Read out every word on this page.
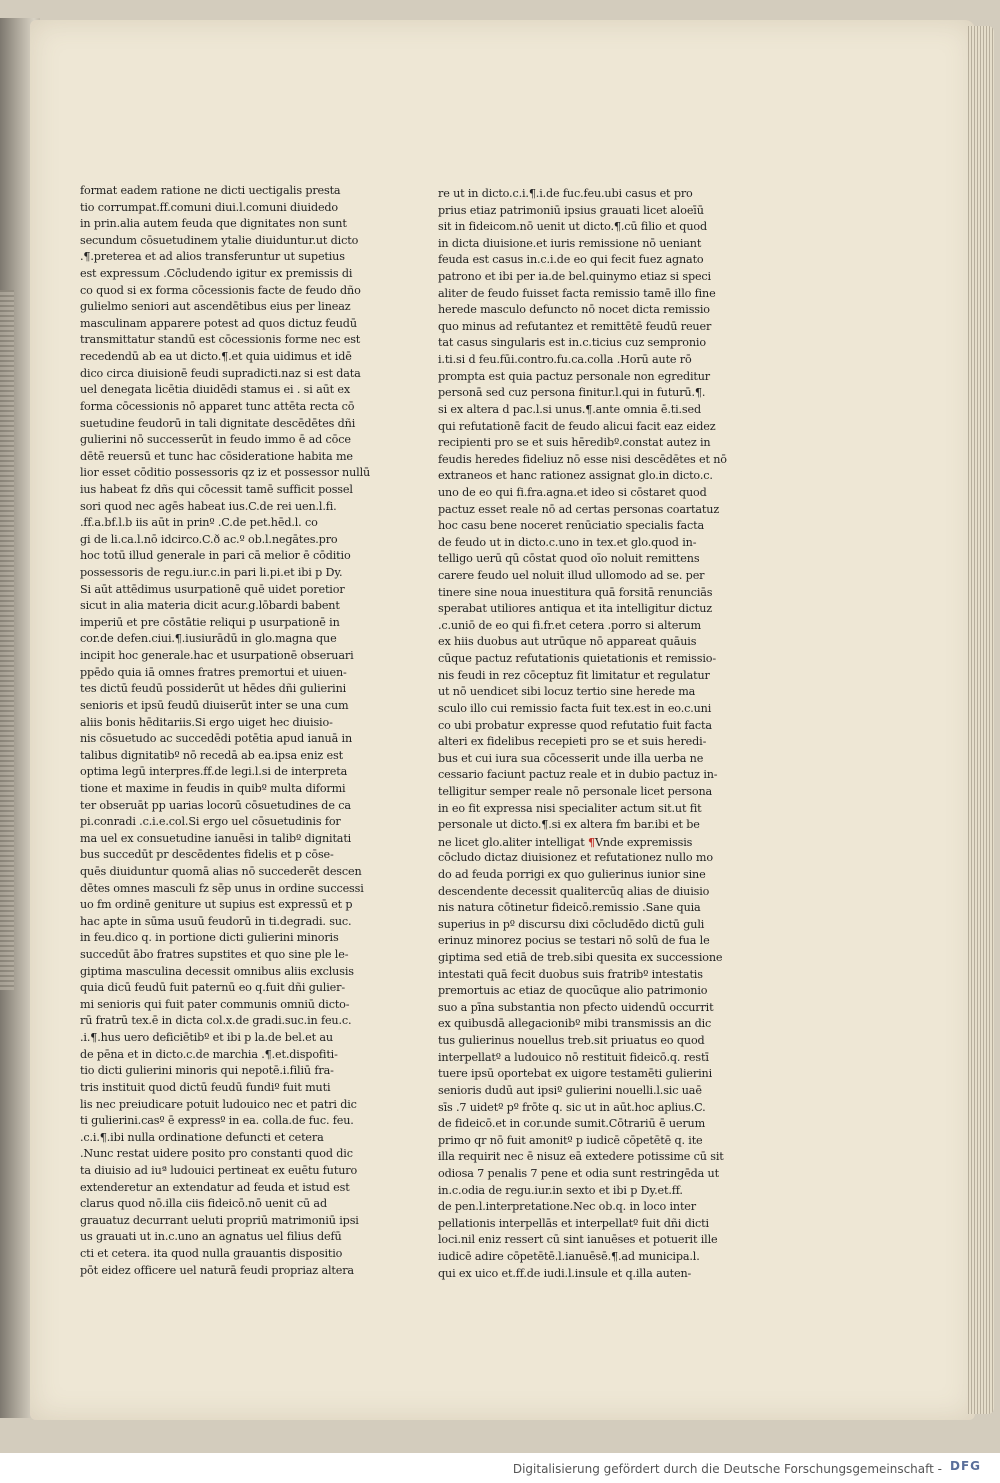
format eadem ratione ne dicti uectigalis presta
tio corrumpat.ff.comuni diui.l.comuni diuidedo
in prin.alia autem feuda que dignitates non sunt
secundum cōsuetudinem ytalie diuiduntur.ut dicto
.¶.preterea et ad alios transferuntur ut supetius
est expressum .Cōcludendo igitur ex premissis di
co quod si ex forma cōcessionis facte de feudo dño
gulielmo seniori aut ascendētibus eius per lineaz
masculinam apparere potest ad quos dictuz feudū
transmittatur standū est cōcessionis forme nec est
recedendū ab ea ut dicto.¶.et quia uidimus et idē
dico circa diuisionē feudi supradicti.naz si est data
uel denegata licētia diuidēdi stamus ei . si aūt ex
forma cōcessionis nō apparet tunc attēta recta cō
suetudine feudorū in tali dignitate descēdētes dñi
gulierini nō successerūt in feudo immo ē ad cōce
dētē reuersū et tunc hac cōsideratione habita me
lior esset cōditio possessoris qz iz et possessor nullū
ius habeat fz dñs qui cōcessit tamē sufficit possel
sori quod nec agēs habeat ius.C.de rei uen.l.fi.
.ff.a.bf.l.b iis aūt in prinº .C.de pet.hēd.l. co
gi de li.ca.l.nō idcirco.C.ð ac.º ob.l.negātes.pro
hoc totū illud generale in pari cā melior ē cōditio
possessoris de regu.iur.c.in pari li.pi.et ibi p Dy.
Si aūt attēdimus usurpationē quē uidet poretior
sicut in alia materia dicit acur.g.lōbardi babent
imperiū et pre cōstātie reliqui p usurpationē in
cor.de defen.ciui.¶.iusiurādū in glo.magna que
incipit hoc generale.hac et usurpationē obseruari
ppēdo quia iā omnes fratres premortui et uiuen-
tes dictū feudū possiderūt ut hēdes dñi gulierini
senioris et ipsū feudū diuiserūt inter se una cum
aliis bonis hēditariis.Si ergo uiget hec diuisio-
nis cōsuetudo ac succedēdi potētia apud ianuā in
talibus dignitatibº nō recedā ab ea.ipsa eniz est
optima legū interpres.ff.de legi.l.si de interpreta
tione et maxime in feudis in quibº multa diformi
ter obseruāt pp uarias locorū cōsuetudines de ca
pi.conradi .c.i.e.col.Si ergo uel cōsuetudinis for
ma uel ex consuetudine ianuēsi in talibº dignitati
bus succedūt pr descēdentes fidelis et p cōse-
quēs diuiduntur quomā alias nō succederēt descen
dētes omnes masculi fz sēp unus in ordine successi
uo fm ordinē geniture ut supius est expressū et p
hac apte in sūma usuū feudorū in ti.degradi. suc.
in feu.dico q. in portione dicti gulierini minoris
succedūt ābo fratres supstites et quo sine ple le-
giptima masculina decessit omnibus aliis exclusis
quia dicū feudū fuit paternū eo q.fuit dñi gulier-
mi senioris qui fuit pater communis omniū dicto-
rū fratrū tex.ē in dicta col.x.de gradi.suc.in feu.c.
.i.¶.hus uero deficiētibº et ibi p la.de bel.et au
de pēna et in dicto.c.de marchia .¶.et.dispofiti-
tio dicti gulierini minoris qui nepotē.i.filiū fra-
tris instituit quod dictū feudū fundiº fuit muti
lis nec preiudicare potuit ludouico nec et patri dic
ti gulierini.casº ē expressº in ea. colla.de fuc. feu.
.c.i.¶.ibi nulla ordinatione defuncti et cetera
.Nunc restat uidere posito pro constanti quod dic
ta diuisio ad iuª ludouici pertineat ex euētu futuro
extenderetur an extendatur ad feuda et istud est
clarus quod nō.illa ciis fideicō.nō uenit cū ad
grauatuz decurrant ueluti propriū matrimoniū ipsi
us grauati ut in.c.uno an agnatus uel filius defū
cti et cetera. ita quod nulla grauantis dispositio
pōt eidez officere uel naturā feudi propriaz altera
re ut in dicto.c.i.¶.i.de fuc.feu.ubi casus et pro
prius etiaz patrimoniū ipsius grauati licet aloeīū
sit in fideicom.nō uenit ut dicto.¶.cū filio et quod
in dicta diuisione.et iuris remissione nō ueniant
feuda est casus in.c.i.de eo qui fecit fuez agnato
patrono et ibi per ia.de bel.quinymo etiaz si speci
aliter de feudo fuisset facta remissio tamē illo fine
herede masculo defuncto nō nocet dicta remissio
quo minus ad refutantez et remittētē feudū reuer
tat casus singularis est in.c.ticius cuz sempronio
i.ti.si d feu.fūi.contro.fu.ca.colla .Horū aute rō
prompta est quia pactuz personale non egreditur
personā sed cuz persona finitur.l.qui in futurū.¶.
si ex altera d pac.l.si unus.¶.ante omnia ē.ti.sed
qui refutationē facit de feudo alicui facit eaz eidez
recipienti pro se et suis hēredibº.constat autez in
feudis heredes fideliuz nō esse nisi descēdētes et nō
extraneos et hanc rationez assignat glo.in dicto.c.
uno de eo qui fi.fra.agna.et ideo si cōstaret quod
pactuz esset reale nō ad certas personas coartatuz
hoc casu bene noceret renūciatio specialis facta
de feudo ut in dicto.c.uno in tex.et glo.quod in-
telligo uerū qū cōstat quod oīo noluit remittens
carere feudo uel noluit illud ullomodo ad se. per
tinere sine noua inuestitura quā forsitā renunciās
sperabat utiliores antiqua et ita intelligitur dictuz
.c.uniō de eo qui fi.fr.et cetera .porro si alterum
ex hiis duobus aut utrūque nō appareat quāuis
cūque pactuz refutationis quietationis et remissio-
nis feudi in rez cōceptuz fit limitatur et regulatur
ut nō uendicet sibi locuz tertio sine herede ma
sculo illo cui remissio facta fuit tex.est in eo.c.uni
co ubi probatur expresse quod refutatio fuit facta
alteri ex fidelibus recepieti pro se et suis heredi-
bus et cui iura sua cōcesserit unde illa uerba ne
cessario faciunt pactuz reale et in dubio pactuz in-
telligitur semper reale nō personale licet persona
in eo fit expressa nisi specialiter actum sit.ut fit
personale ut dicto.¶.si ex altera fm bar.ibi et be
ne licet glo.aliter intelligat ¶Vnde expremissis
cōcludo dictaz diuisionez et refutationez nullo mo
do ad feuda porrigi ex quo gulierinus iunior sine
descendente decessit qualitercūq alias de diuisio
nis natura cōtinetur fideicō.remissio .Sane quia
superius in pº discursu dixi cōcludēdo dictū guli
erinuz minorez pocius se testari nō solū de fua le
giptima sed etiā de treb.sibi quesita ex successione
intestati quā fecit duobus suis fratribº intestatis
premortuis ac etiaz de quocūque alio patrimonio
suo a pīna substantia non pfecto uidendū occurrit
ex quibusdā allegacionibº mibi transmissis an dic
tus gulierinus nouellus treb.sit priuatus eo quod
interpellatº a ludouico nō restituit fideicō.q. restī
tuere ipsū oportebat ex uigore testamēti gulierini
senioris dudū aut ipsiº gulierini nouelli.l.sic uaē
sīs .7 uidetº pº frōte q. sic ut in aūt.hoc aplius.C.
de fideicō.et in cor.unde sumit.Cōtrariū ē uerum
primo qr nō fuit amonitº p iudicē cōpetētē q. ite
illa requirit nec ē nisuz eā extedere potissime cū sit
odiosa 7 penalis 7 pene et odia sunt restringēda ut
in.c.odia de regu.iur.in sexto et ibi p Dy.et.ff.
de pen.l.interpretatione.Nec ob.q. in loco inter
pellationis interpellās et interpellatº fuit dñi dicti
loci.nil eniz ressert cū sint ianuēses et potuerit ille
iudicē adire cōpetētē.l.ianuēsē.¶.ad municipa.l.
qui ex uico et.ff.de iudi.l.insule et q.illa auten-
Digitalisierung gefördert durch die Deutsche Forschungsgemeinschaft - DFG
